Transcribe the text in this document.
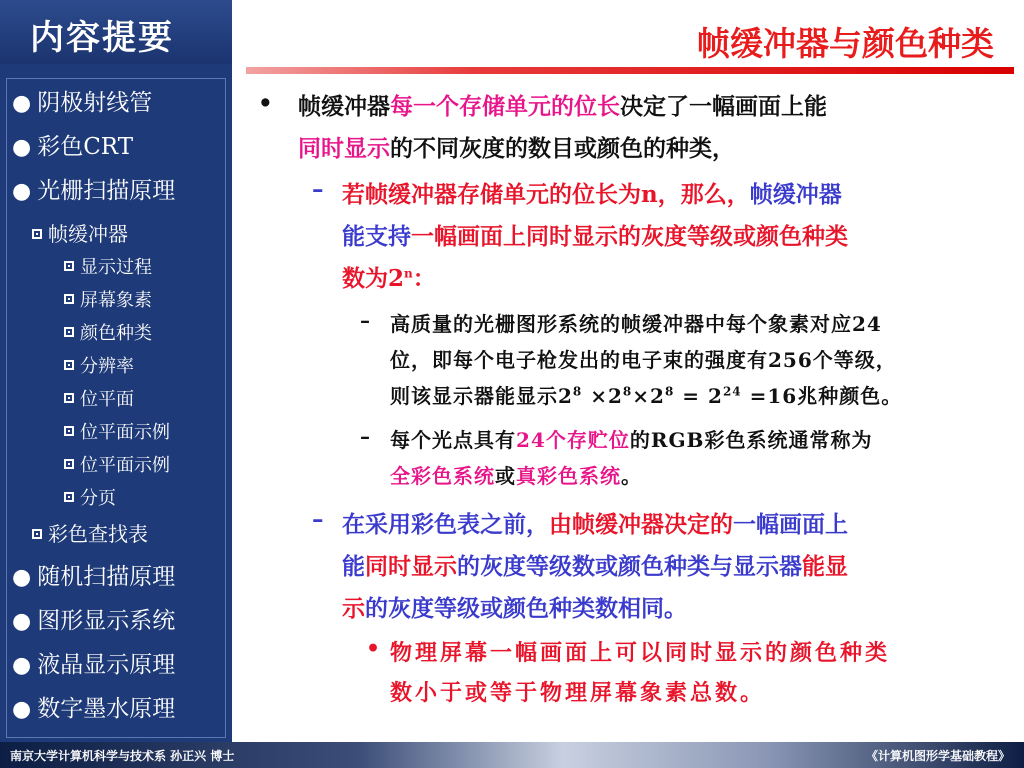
内容提要
● 阴极射线管
● 彩色CRT
● 光栅扫描原理
帧缓冲器
显示过程
屏幕象素
颜色种类
分辨率
位平面
位平面示例
位平面示例
分页
彩色查找表
● 随机扫描原理
● 图形显示系统
● 液晶显示原理
● 数字墨水原理
帧缓冲器与颜色种类
• 帧缓冲器每一个存储单元的位长决定了一幅画面上能
同时显示的不同灰度的数目或颜色的种类，
– 若帧缓冲器存储单元的位长为n，那么，帧缓冲器
能支持一幅画面上同时显示的灰度等级或颜色种类
数为2$^n$：
– 高质量的光栅图形系统的帧缓冲器中每个象素对应24
位，即每个电子枪发出的电子束的强度有256个等级，
则该显示器能显示$2^8 \times 2^8\times 2^8 = 2^{24} =16$兆种颜色。
– 每个光点具有24个存贮位的RGB彩色系统通常称为
全彩色系统或真彩色系统。
– 在采用彩色表之前，由帧缓冲器决定的一幅画面上
能同时显示的灰度等级数或颜色种类与显示器能显
示的灰度等级或颜色种类数相同。
• 物理屏幕一幅画面上可以同时显示的颜色种类
数小于或等于物理屏幕象素总数。
南京大学计算机科学与技术系 孙正兴 博士	《计算机图形学基础教程》
